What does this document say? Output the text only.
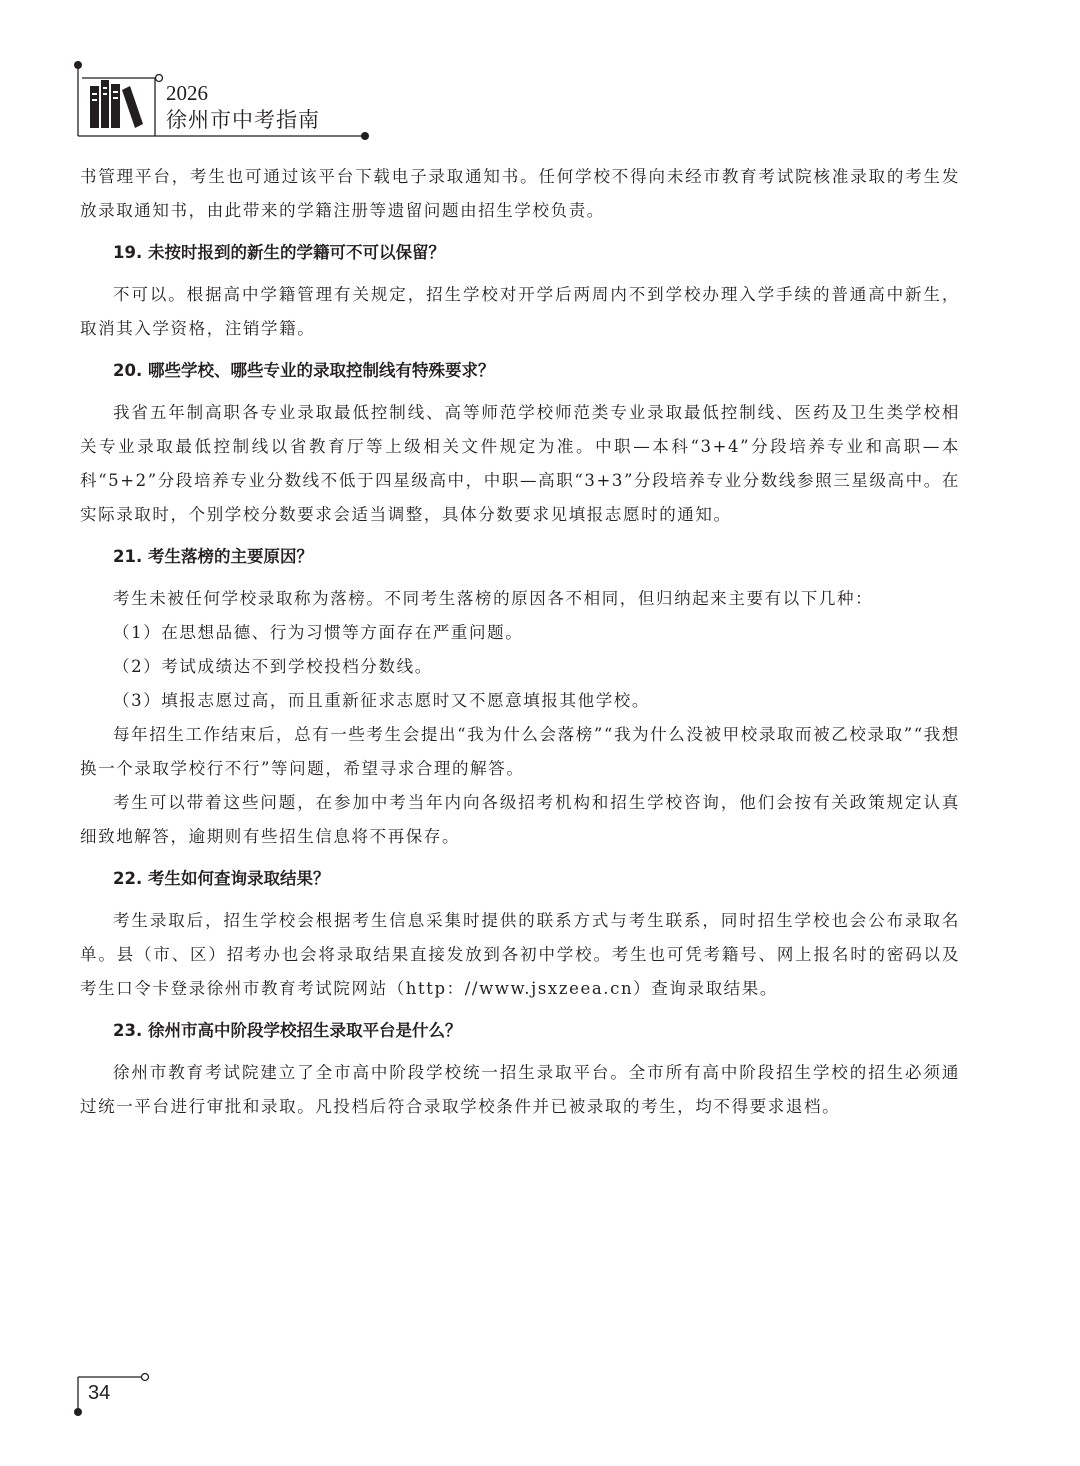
2026
徐州市中考指南

书管理平台，考生也可通过该平台下载电子录取通知书。任何学校不得向未经市教育考试院核准录取的考生发放录取通知书，由此带来的学籍注册等遗留问题由招生学校负责。

19. 未按时报到的新生的学籍可不可以保留？

不可以。根据高中学籍管理有关规定，招生学校对开学后两周内不到学校办理入学手续的普通高中新生，取消其入学资格，注销学籍。

20. 哪些学校、哪些专业的录取控制线有特殊要求？

我省五年制高职各专业录取最低控制线、高等师范学校师范类专业录取最低控制线、医药及卫生类学校相关专业录取最低控制线以省教育厅等上级相关文件规定为准。中职—本科“3+4”分段培养专业和高职—本科“5+2”分段培养专业分数线不低于四星级高中，中职—高职“3+3”分段培养专业分数线参照三星级高中。在实际录取时，个别学校分数要求会适当调整，具体分数要求见填报志愿时的通知。

21. 考生落榜的主要原因？

考生未被任何学校录取称为落榜。不同考生落榜的原因各不相同，但归纳起来主要有以下几种：

（1）在思想品德、行为习惯等方面存在严重问题。

（2）考试成绩达不到学校投档分数线。

（3）填报志愿过高，而且重新征求志愿时又不愿意填报其他学校。

每年招生工作结束后，总有一些考生会提出“我为什么会落榜”“我为什么没被甲校录取而被乙校录取”“我想换一个录取学校行不行”等问题，希望寻求合理的解答。

考生可以带着这些问题，在参加中考当年内向各级招考机构和招生学校咨询，他们会按有关政策规定认真细致地解答，逾期则有些招生信息将不再保存。

22. 考生如何查询录取结果？

考生录取后，招生学校会根据考生信息采集时提供的联系方式与考生联系，同时招生学校也会公布录取名单。县（市、区）招考办也会将录取结果直接发放到各初中学校。考生也可凭考籍号、网上报名时的密码以及考生口令卡登录徐州市教育考试院网站（http：//www.jsxzeea.cn）查询录取结果。

23. 徐州市高中阶段学校招生录取平台是什么？

徐州市教育考试院建立了全市高中阶段学校统一招生录取平台。全市所有高中阶段招生学校的招生必须通过统一平台进行审批和录取。凡投档后符合录取学校条件并已被录取的考生，均不得要求退档。

34
